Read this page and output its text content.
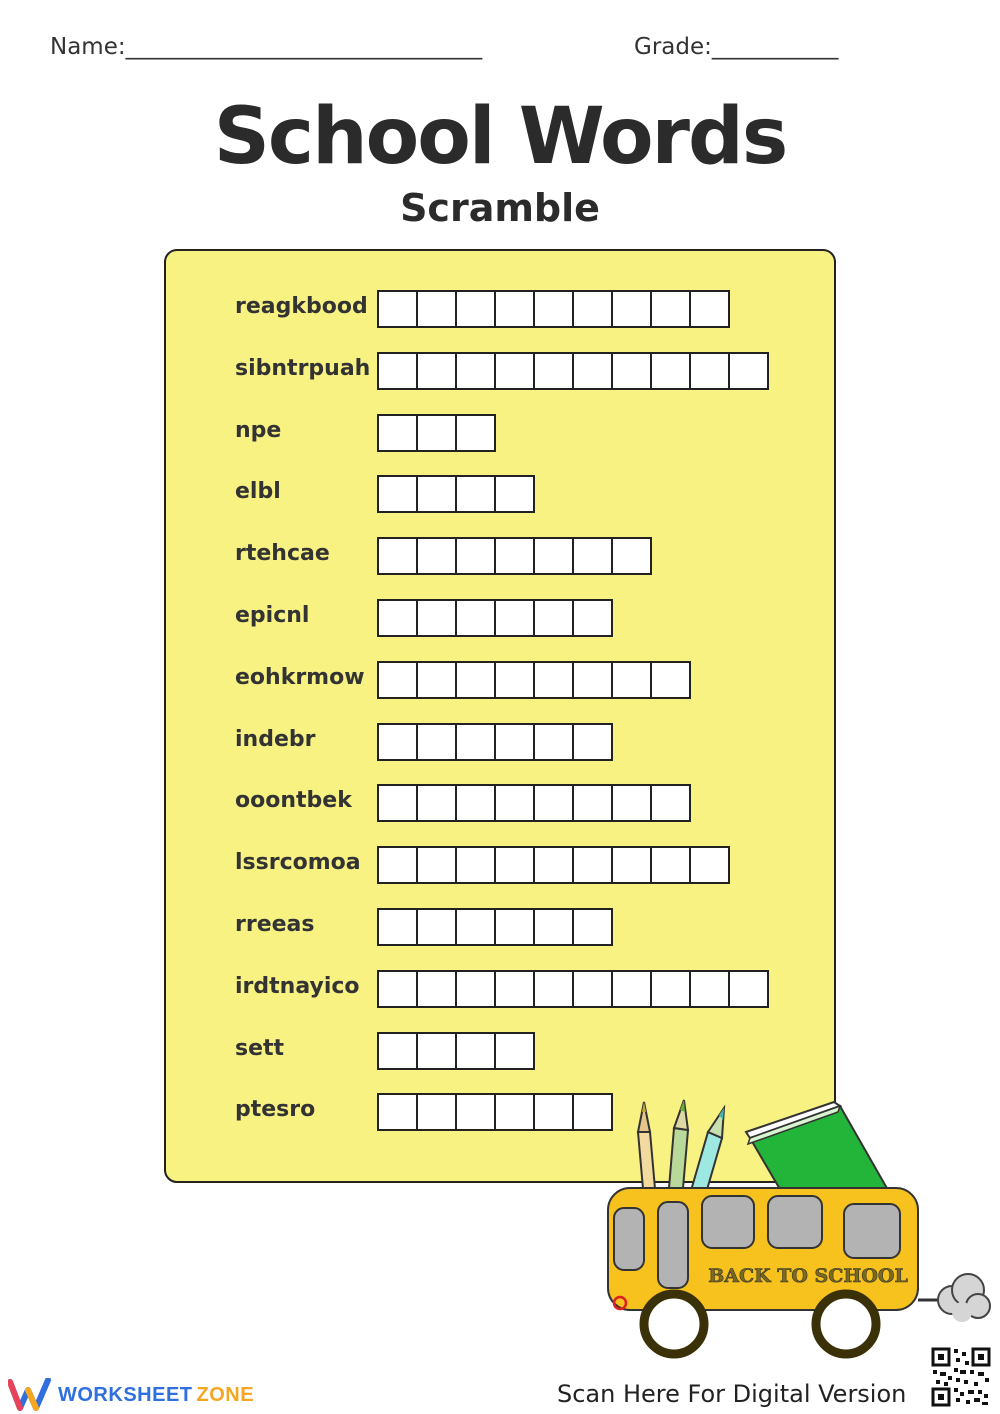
Name:_______________________________	Grade:___________
School Words
Scramble
reagkbood
sibntrpuah
npe
elbl
rtehcae
epicnl
eohkrmow
indebr
ooontbek
lssrcomoa
rreeas
irdtnayico
sett
ptesro
BACK TO SCHOOL
WORKSHEET ZONE	Scan Here For Digital Version
